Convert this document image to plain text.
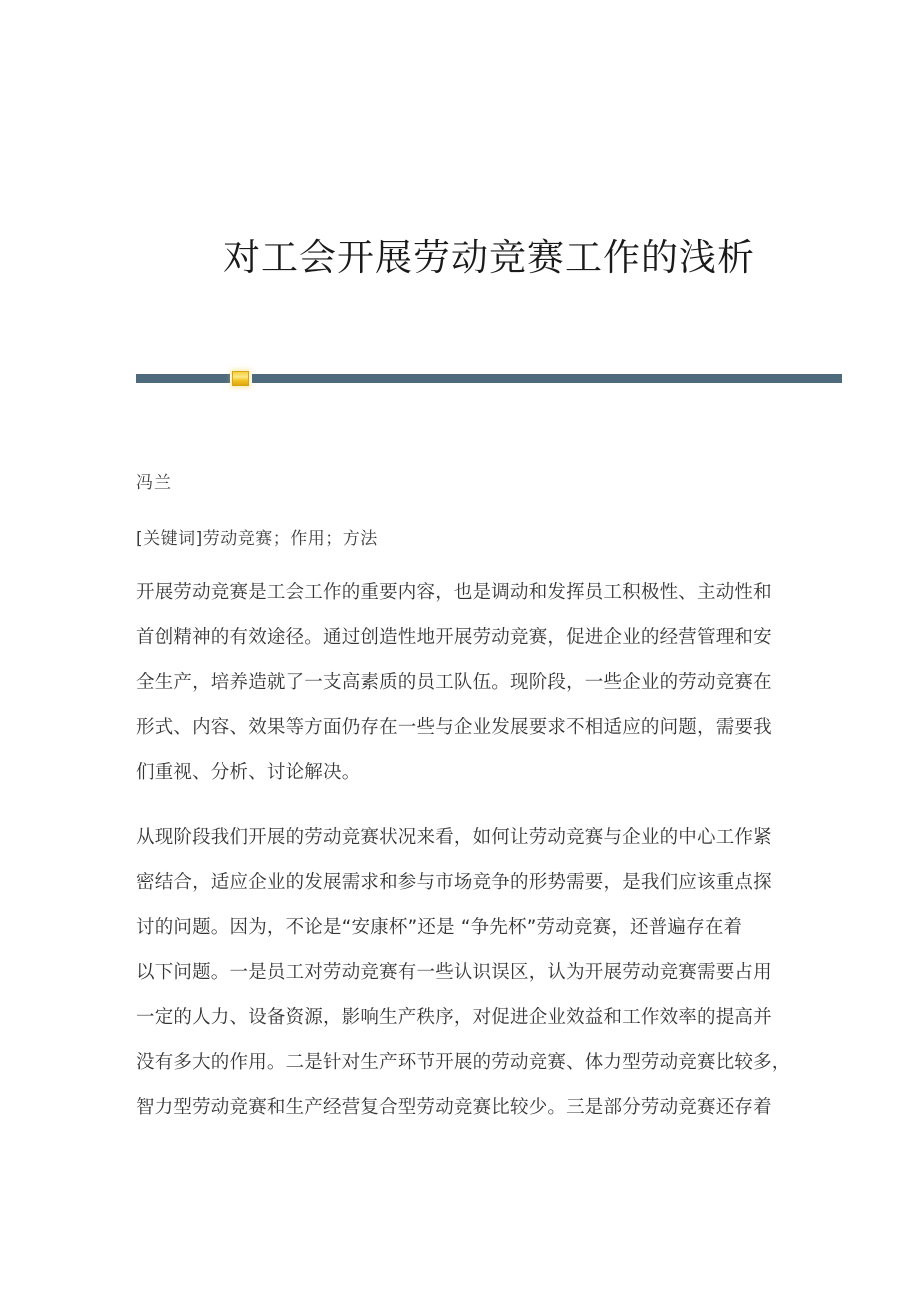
对工会开展劳动竞赛工作的浅析
冯兰
[关键词]劳动竞赛；作用；方法
开展劳动竞赛是工会工作的重要内容，也是调动和发挥员工积极性、主动性和
首创精神的有效途径。通过创造性地开展劳动竞赛，促进企业的经营管理和安
全生产，培养造就了一支高素质的员工队伍。现阶段，一些企业的劳动竞赛在
形式、内容、效果等方面仍存在一些与企业发展要求不相适应的问题，需要我
们重视、分析、讨论解决。
从现阶段我们开展的劳动竞赛状况来看，如何让劳动竞赛与企业的中心工作紧
密结合，适应企业的发展需求和参与市场竞争的形势需要，是我们应该重点探
讨的问题。因为，不论是“安康杯”还是 “争先杯”劳动竞赛，还普遍存在着
以下问题。一是员工对劳动竞赛有一些认识误区，认为开展劳动竞赛需要占用
一定的人力、设备资源，影响生产秩序，对促进企业效益和工作效率的提高并
没有多大的作用。二是针对生产环节开展的劳动竞赛、体力型劳动竞赛比较多，
智力型劳动竞赛和生产经营复合型劳动竞赛比较少。三是部分劳动竞赛还存着
